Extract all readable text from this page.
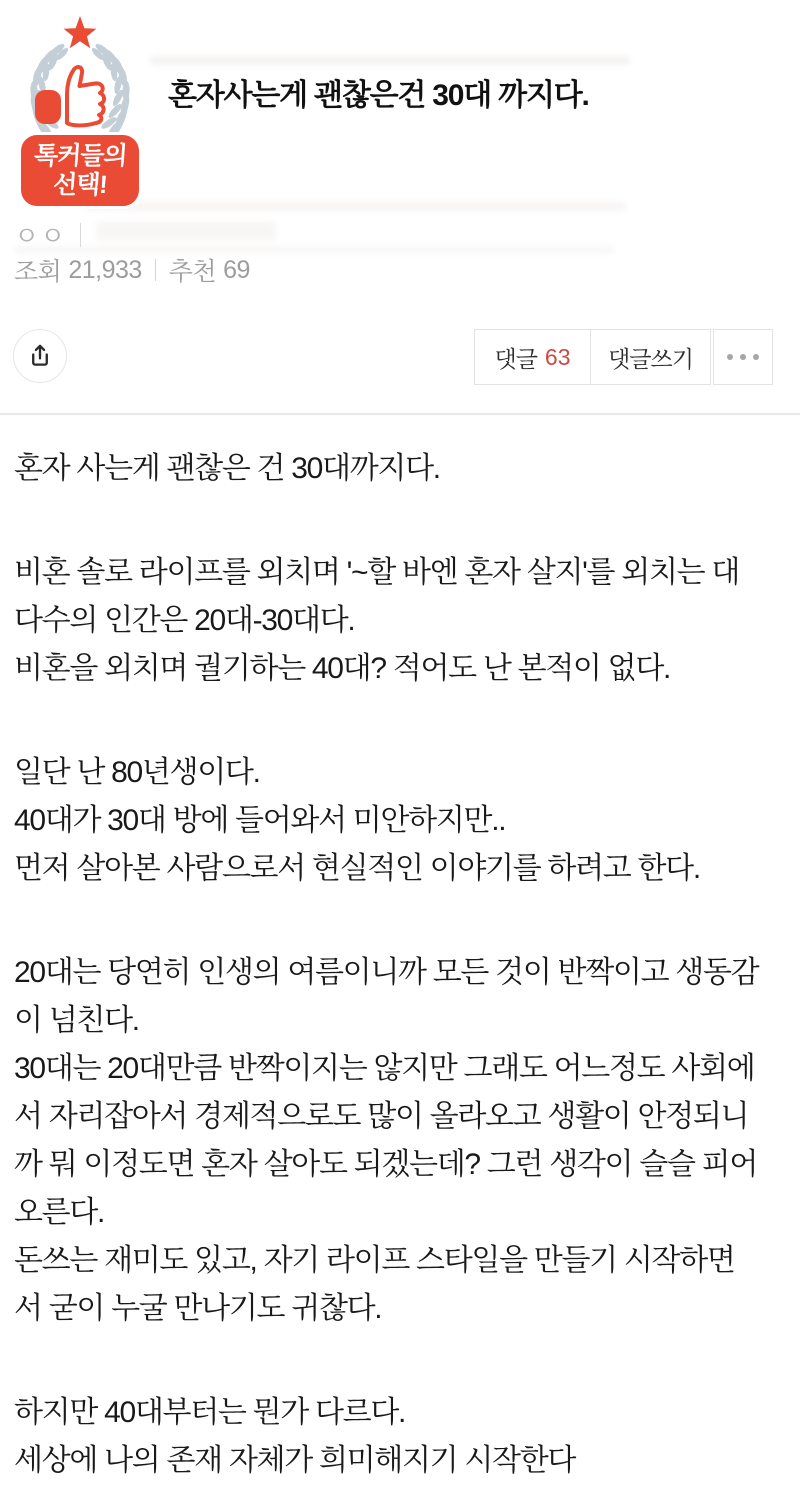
톡커들의
선택!
혼자사는게 괜찮은건 30대 까지다.
ㅇㅇ
조회 21,933 추천 69
댓글 63 댓글쓰기
혼자 사는게 괜찮은 건 30대까지다.
비혼 솔로 라이프를 외치며 '~할 바엔 혼자 살지'를 외치는 대
다수의 인간은 20대-30대다.
비혼을 외치며 궐기하는 40대? 적어도 난 본적이 없다.
일단 난 80년생이다.
40대가 30대 방에 들어와서 미안하지만..
먼저 살아본 사람으로서 현실적인 이야기를 하려고 한다.
20대는 당연히 인생의 여름이니까 모든 것이 반짝이고 생동감
이 넘친다.
30대는 20대만큼 반짝이지는 않지만 그래도 어느정도 사회에
서 자리잡아서 경제적으로도 많이 올라오고 생활이 안정되니
까 뭐 이정도면 혼자 살아도 되겠는데? 그런 생각이 슬슬 피어
오른다.
돈쓰는 재미도 있고, 자기 라이프 스타일을 만들기 시작하면
서 굳이 누굴 만나기도 귀찮다.
하지만 40대부터는 뭔가 다르다.
세상에 나의 존재 자체가 희미해지기 시작한다
